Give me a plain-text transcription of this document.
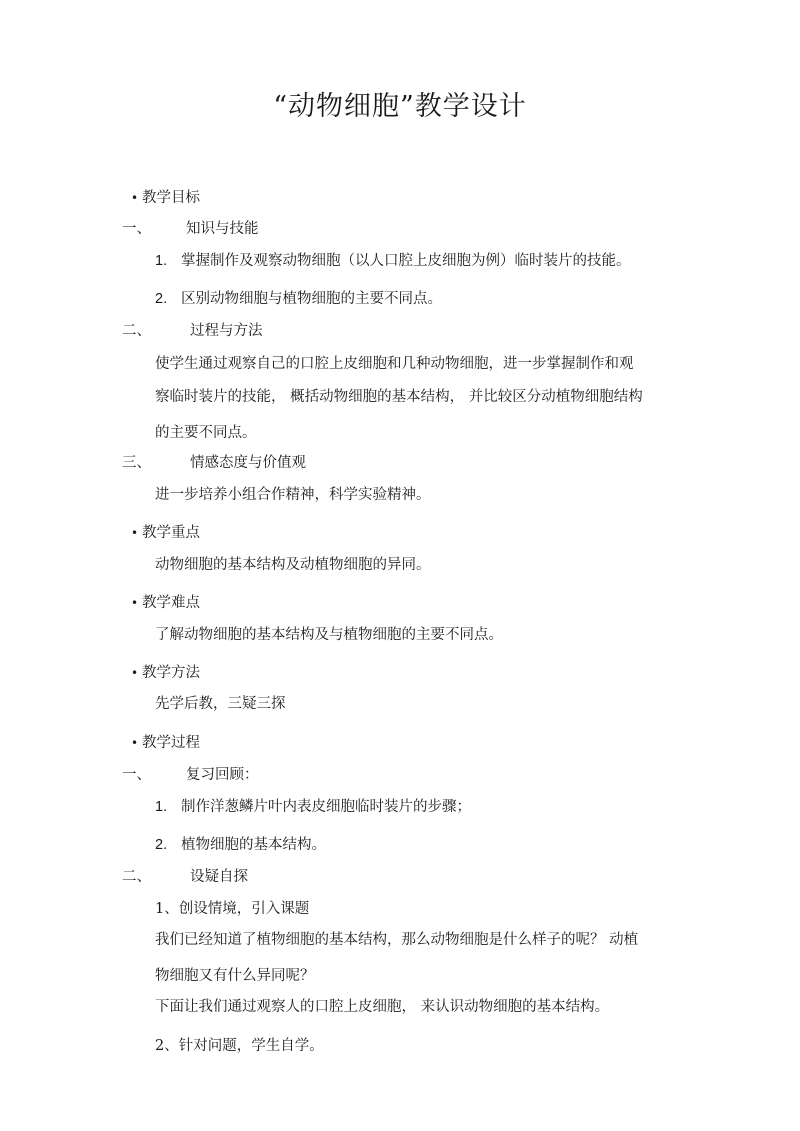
“动物细胞”教学设计

• 教学目标

一、 知识与技能

1. 掌握制作及观察动物细胞（以人口腔上皮细胞为例）临时装片的技能。

2. 区别动物细胞与植物细胞的主要不同点。

二、	过程与方法

使学生通过观察自己的口腔上皮细胞和几种动物细胞，进一步掌握制作和观

察临时装片的技能， 概括动物细胞的基本结构， 并比较区分动植物细胞结构

的主要不同点。

三、	情感态度与价值观

进一步培养小组合作精神，科学实验精神。

• 教学重点

动物细胞的基本结构及动植物细胞的异同。

• 教学难点

了解动物细胞的基本结构及与植物细胞的主要不同点。

• 教学方法

先学后教，三疑三探

• 教学过程

一、 复习回顾：

1. 制作洋葱鳞片叶内表皮细胞临时装片的步骤；

2. 植物细胞的基本结构。

二、	设疑自探

1、创设情境，引入课题

我们已经知道了植物细胞的基本结构，那么动物细胞是什么样子的呢？ 动植

物细胞又有什么异同呢？

下面让我们通过观察人的口腔上皮细胞， 来认识动物细胞的基本结构。

2、针对问题，学生自学。
